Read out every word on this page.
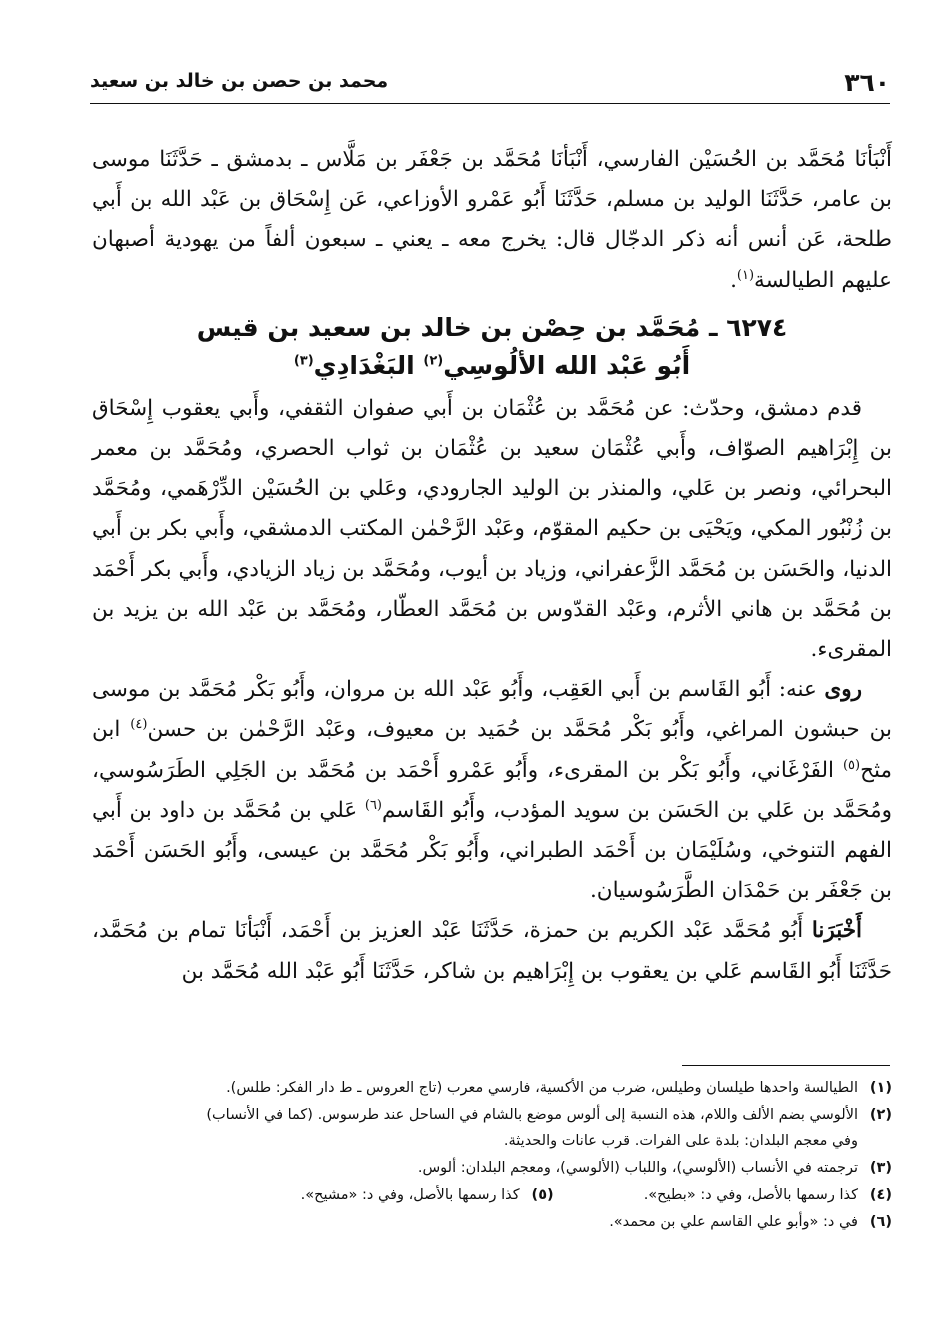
٣٦٠
محمد بن حصن بن خالد بن سعيد

أَنْبَأنَا مُحَمَّد بن الحُسَيْن الفارسي، أَنْبَأنَا مُحَمَّد بن جَعْفَر بن مَلَّاس ـ بدمشق ـ حَدَّثَنَا موسى بن عامر، حَدَّثَنَا الوليد بن مسلم، حَدَّثَنَا أَبُو عَمْرو الأوزاعي، عَن إِسْحَاق بن عَبْد الله بن أَبي طلحة، عَن أنس أنه ذكر الدجّال قال: يخرج معه ـ يعني ـ سبعون ألفاً من يهودية أصبهان عليهم الطيالسة$^{(١)}$.

٦٢٧٤ ـ مُحَمَّد بن حِصْن بن خالد بن سعيد بن قيس
أَبُو عَبْد الله الألُوسِي$^{(٢)}$ البَغْدَادِي$^{(٣)}$

قدم دمشق، وحدّث: عن مُحَمَّد بن عُثْمَان بن أَبي صفوان الثقفي، وأَبي يعقوب إِسْحَاق بن إِبْرَاهيم الصوّاف، وأَبي عُثْمَان سعيد بن عُثْمَان بن ثواب الحصري، ومُحَمَّد بن معمر البحرائي، ونصر بن عَلي، والمنذر بن الوليد الجارودي، وعَلي بن الحُسَيْن الدِّرْهَمي، ومُحَمَّد بن زُنْبُور المكي، ويَحْيَى بن حكيم المقوّم، وعَبْد الرَّحْمٰن المكتب الدمشقي، وأَبي بكر بن أَبي الدنيا، والحَسَن بن مُحَمَّد الزَّعفراني، وزياد بن أيوب، ومُحَمَّد بن زياد الزيادي، وأَبي بكر أَحْمَد بن مُحَمَّد بن هاني الأثرم، وعَبْد القدّوس بن مُحَمَّد العطّار، ومُحَمَّد بن عَبْد الله بن يزيد بن المقرىء.

روى عنه: أَبُو القَاسم بن أَبي العَقِب، وأَبُو عَبْد الله بن مروان، وأَبُو بَكْر مُحَمَّد بن موسى بن حبشون المراغي، وأَبُو بَكْر مُحَمَّد بن حُمَيد بن معيوف، وعَبْد الرَّحْمٰن بن حسن$^{(٤)}$ ابن مثح$^{(٥)}$ الفَرْغَاني، وأَبُو بَكْر بن المقرىء، وأَبُو عَمْرو أَحْمَد بن مُحَمَّد بن الجَلِي الطَرَسُوسي، ومُحَمَّد بن عَلي بن الحَسَن بن سويد المؤدب، وأَبُو القَاسم$^{(٦)}$ عَلي بن مُحَمَّد بن داود بن أَبي الفهم التنوخي، وسُلَيْمَان بن أَحْمَد الطبراني، وأَبُو بَكْر مُحَمَّد بن عيسى، وأَبُو الحَسَن أَحْمَد بن جَعْفَر بن حَمْدَان الطَّرَسُوسيان.

أَخْبَرَنا أَبُو مُحَمَّد عَبْد الكريم بن حمزة، حَدَّثَنَا عَبْد العزيز بن أَحْمَد، أَنْبَأنَا تمام بن مُحَمَّد، حَدَّثَنَا أَبُو القَاسم عَلي بن يعقوب بن إِبْرَاهيم بن شاكر، حَدَّثَنَا أَبُو عَبْد الله مُحَمَّد بن

(١)الطيالسة واحدها طيلسان وطيلس، ضرب من الأكسية، فارسي معرب (تاج العروس ـ ط دار الفكر: طلس).

(٢)الألوسي بضم الألف واللام، هذه النسبة إلى ألوس موضع بالشام في الساحل عند طرسوس. (كما في الأنساب)

وفي معجم البلدان: بلدة على الفرات. قرب عانات والحديثة.

(٣)ترجمته في الأنساب (الألوسي)، واللباب (الألوسي)، ومعجم البلدان: ألوس.

(٤)كذا رسمها بالأصل، وفي د: «بطيح».
(٥)كذا رسمها بالأصل، وفي د: «مشيح».

(٦)في د: «وأبو علي القاسم علي بن محمد».
